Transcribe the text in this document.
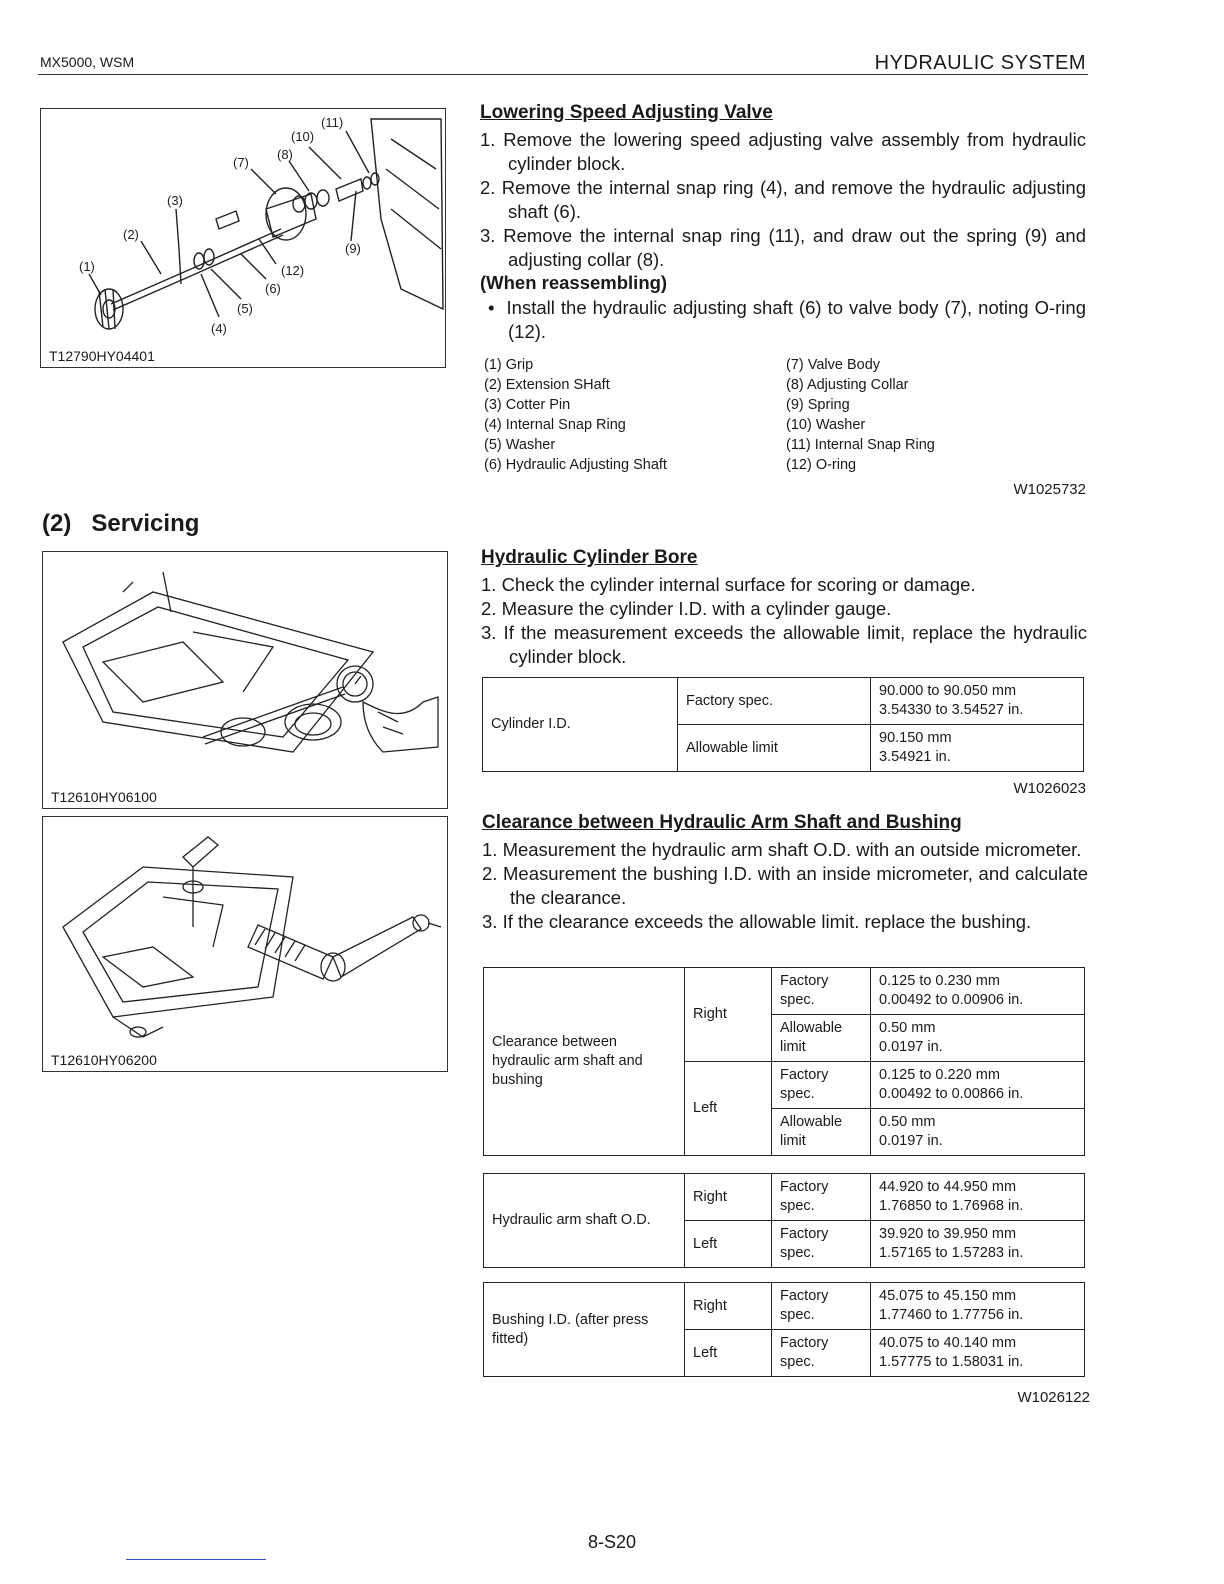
MX5000, WSM	HYDRAULIC SYSTEM
(1)
(2)
(3)
(4)
(5)
(6)
(7)
(8)
(9)
(10)
(11)
(12)
T12790HY04401
(2)   Servicing
T12610HY06100
T12610HY06200
Lowering Speed Adjusting Valve
1. Remove the lowering speed adjusting valve assembly from hydraulic cylinder block.
2. Remove the internal snap ring (4), and remove the hydraulic adjusting shaft (6).
3. Remove the internal snap ring (11), and draw out the spring (9) and adjusting collar (8).
(When reassembling)
•  Install the hydraulic adjusting shaft (6) to valve body (7), noting O-ring (12).
(1) Grip
(2) Extension SHaft
(3) Cotter Pin
(4) Internal Snap Ring
(5) Washer
(6) Hydraulic Adjusting Shaft
(7) Valve Body
(8) Adjusting Collar
(9) Spring
(10) Washer
(11) Internal Snap Ring
(12) O-ring
W1025732
Hydraulic Cylinder Bore
1. Check the cylinder internal surface for scoring or damage.
2. Measure the cylinder I.D. with a cylinder gauge.
3. If the measurement exceeds the allowable limit, replace the hydraulic cylinder block.
Cylinder I.D.	Factory spec.	90.000 to 90.050 mm
3.54330 to 3.54527 in.
	Allowable limit	90.150 mm
3.54921 in.
W1026023
Clearance between Hydraulic Arm Shaft and Bushing
1. Measurement the hydraulic arm shaft O.D. with an outside micrometer.
2. Measurement the bushing I.D. with an inside micrometer, and calculate the clearance.
3. If the clearance exceeds the allowable limit. replace the bushing.
Clearance between hydraulic arm shaft and bushing	Right	Factory spec.	0.125 to 0.230 mm
0.00492 to 0.00906 in.
		Allowable limit	0.50 mm
0.0197 in.
	Left	Factory spec.	0.125 to 0.220 mm
0.00492 to 0.00866 in.
		Allowable limit	0.50 mm
0.0197 in.
Hydraulic arm shaft O.D.	Right	Factory spec.	44.920 to 44.950 mm
1.76850 to 1.76968 in.
	Left	Factory spec.	39.920 to 39.950 mm
1.57165 to 1.57283 in.
Bushing I.D. (after press fitted)	Right	Factory spec.	45.075 to 45.150 mm
1.77460 to 1.77756 in.
	Left	Factory spec.	40.075 to 40.140 mm
1.57775 to 1.58031 in.
W1026122
8-S20
